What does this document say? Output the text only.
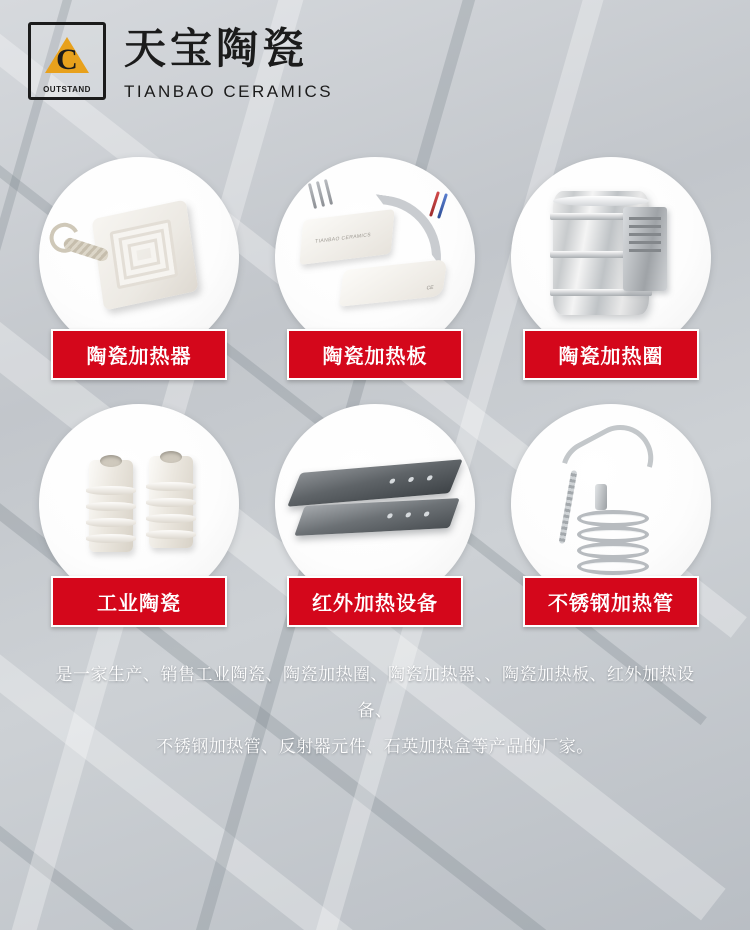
C
OUTSTAND
天宝陶瓷
TIANBAO CERAMICS
陶瓷加热器
TIANBAO CERAMICS
CE
陶瓷加热板	陶瓷加热圈
工业陶瓷	红外加热设备	不锈钢加热管
是一家生产、销售工业陶瓷、陶瓷加热圈、陶瓷加热器、、陶瓷加热板、红外加热设备、
不锈钢加热管、反射器元件、石英加热盒等产品的厂家。
